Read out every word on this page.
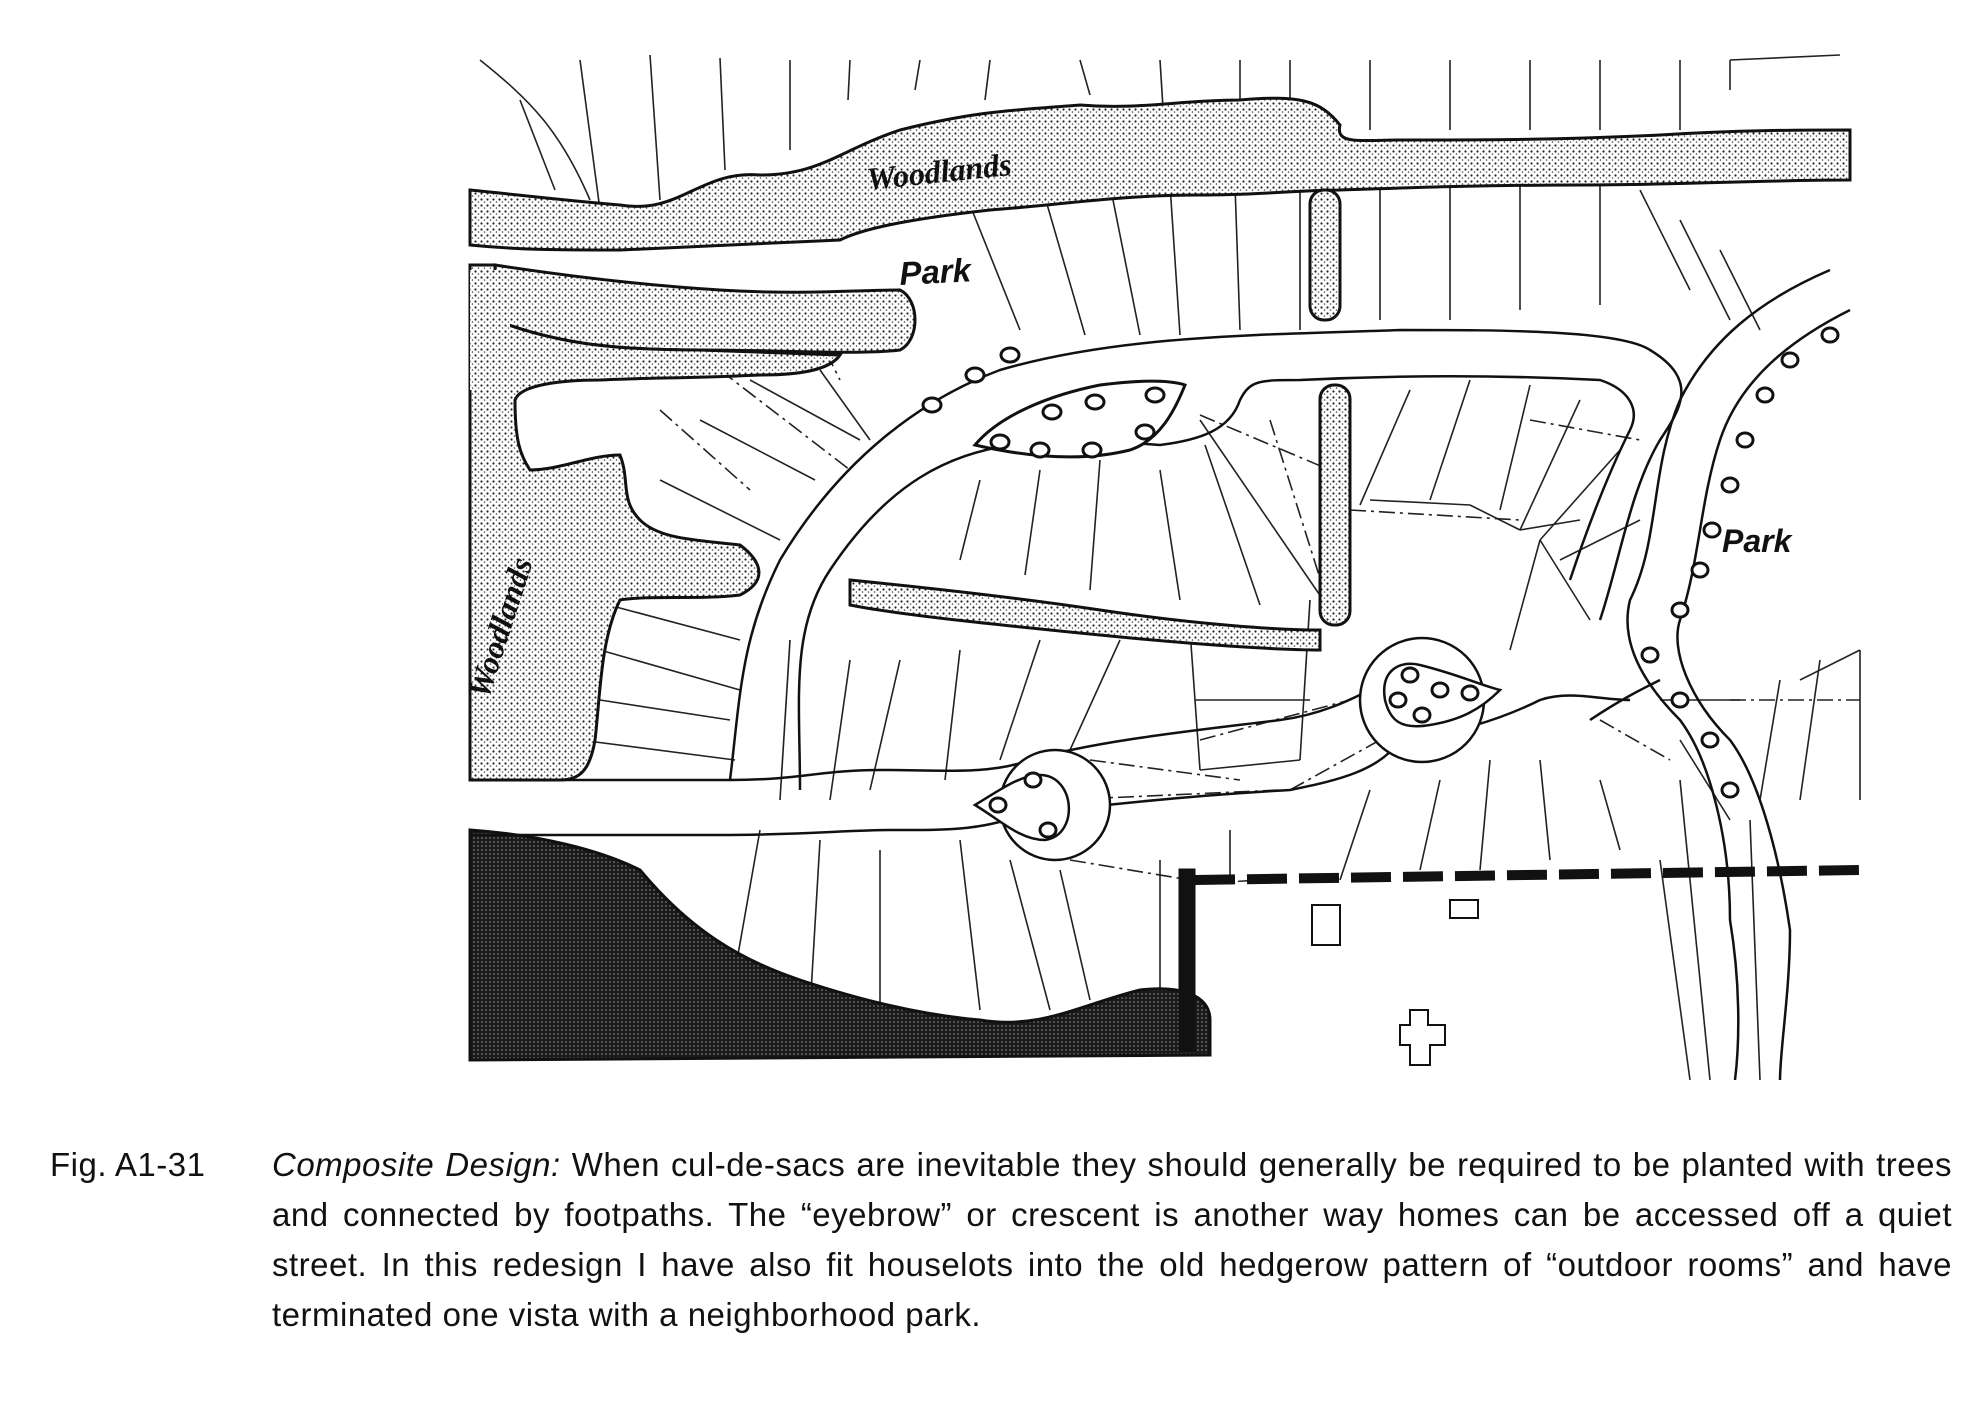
Woodlands
Park
Woodlands
Park
Fig. A1-31 Composite Design: When cul-de-sacs are inevitable they should generally be required to be planted with trees and connected by footpaths. The “eyebrow” or crescent is another way homes can be accessed off a quiet street. In this redesign I have also fit houselots into the old hedgerow pattern of “outdoor rooms” and have terminated one vista with a neighborhood park.
